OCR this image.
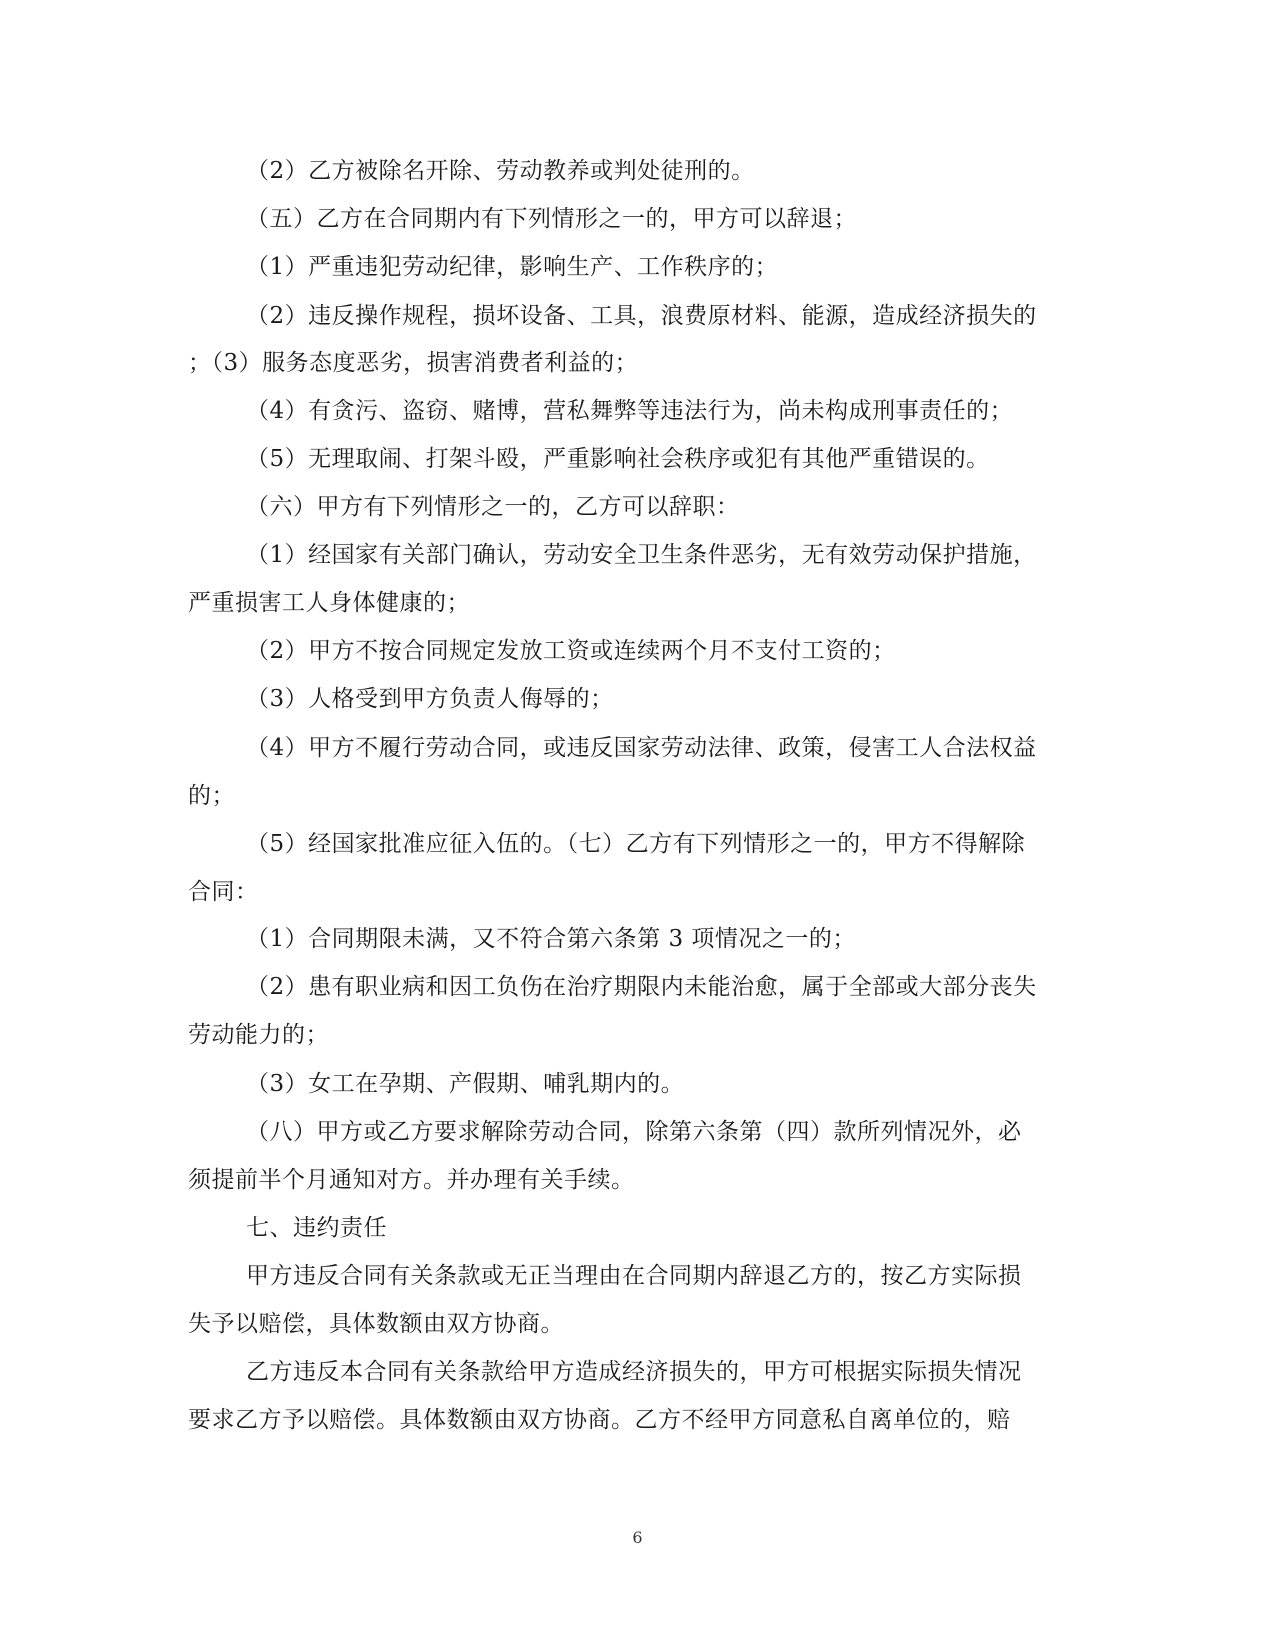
（2）乙方被除名开除、劳动教养或判处徒刑的。
（五）乙方在合同期内有下列情形之一的，甲方可以辞退；
（1）严重违犯劳动纪律，影响生产、工作秩序的；
（2）违反操作规程，损坏设备、工具，浪费原材料、能源，造成经济损失的
；（3）服务态度恶劣，损害消费者利益的；
（4）有贪污、盗窃、赌博，营私舞弊等违法行为，尚未构成刑事责任的；
（5）无理取闹、打架斗殴，严重影响社会秩序或犯有其他严重错误的。
（六）甲方有下列情形之一的，乙方可以辞职：
（1）经国家有关部门确认，劳动安全卫生条件恶劣，无有效劳动保护措施，
严重损害工人身体健康的；
（2）甲方不按合同规定发放工资或连续两个月不支付工资的；
（3）人格受到甲方负责人侮辱的；
（4）甲方不履行劳动合同，或违反国家劳动法律、政策，侵害工人合法权益
的；
（5）经国家批准应征入伍的。（七）乙方有下列情形之一的，甲方不得解除
合同：
（1）合同期限未满，又不符合第六条第 3 项情况之一的；
（2）患有职业病和因工负伤在治疗期限内未能治愈，属于全部或大部分丧失
劳动能力的；
（3）女工在孕期、产假期、哺乳期内的。
（八）甲方或乙方要求解除劳动合同，除第六条第（四）款所列情况外，必
须提前半个月通知对方。并办理有关手续。
七、违约责任
甲方违反合同有关条款或无正当理由在合同期内辞退乙方的，按乙方实际损
失予以赔偿，具体数额由双方协商。
乙方违反本合同有关条款给甲方造成经济损失的，甲方可根据实际损失情况
要求乙方予以赔偿。具体数额由双方协商。乙方不经甲方同意私自离单位的，赔
6
